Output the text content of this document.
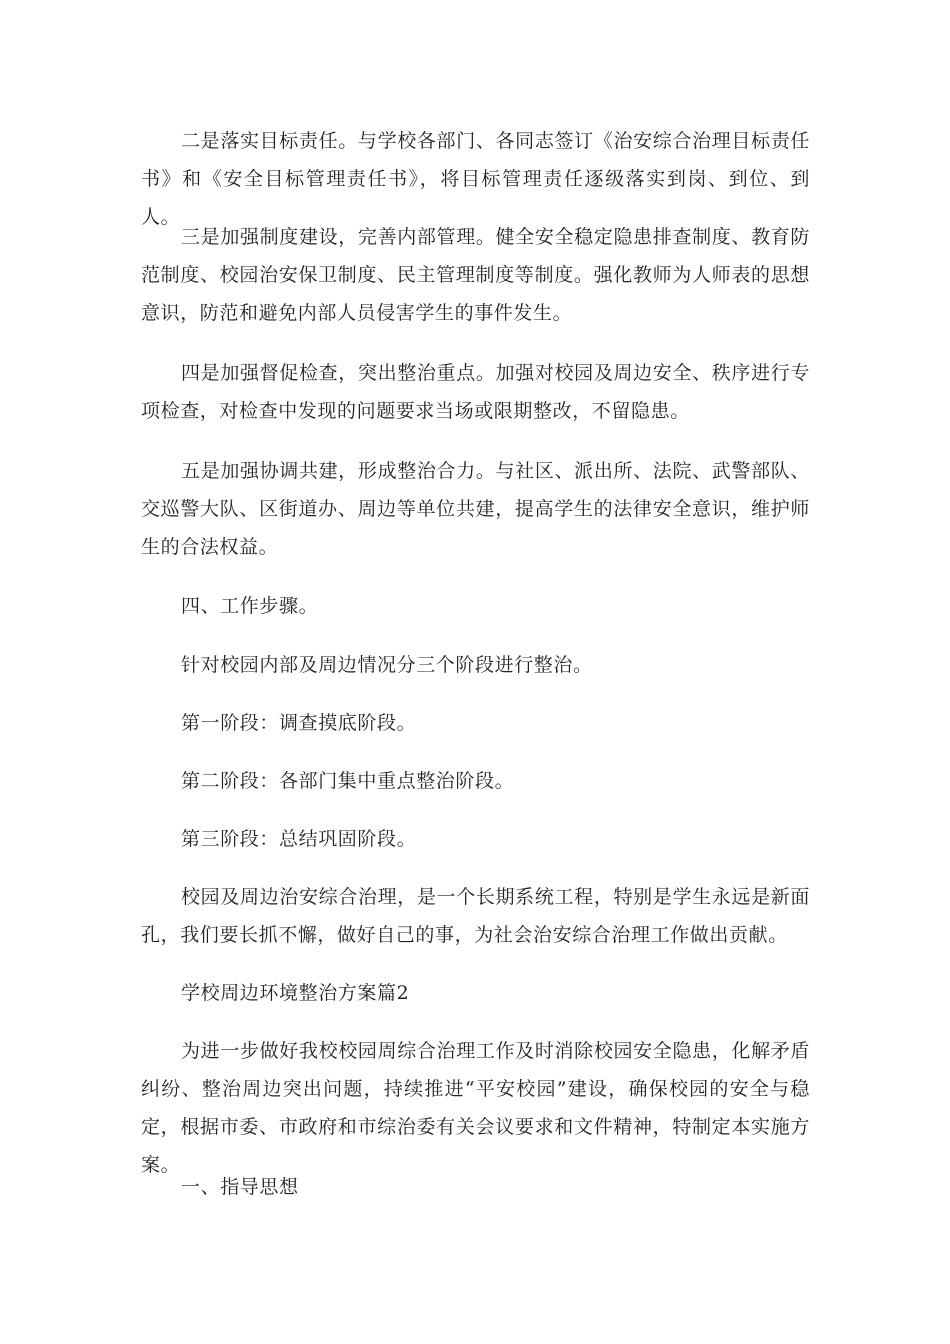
二是落实目标责任。与学校各部门、各同志签订《治安综合治理目标责任书》和《安全目标管理责任书》，将目标管理责任逐级落实到岗、到位、到人。

三是加强制度建设，完善内部管理。健全安全稳定隐患排查制度、教育防范制度、校园治安保卫制度、民主管理制度等制度。强化教师为人师表的思想意识，防范和避免内部人员侵害学生的事件发生。

四是加强督促检查，突出整治重点。加强对校园及周边安全、秩序进行专项检查，对检查中发现的问题要求当场或限期整改，不留隐患。

五是加强协调共建，形成整治合力。与社区、派出所、法院、武警部队、交巡警大队、区街道办、周边等单位共建，提高学生的法律安全意识，维护师生的合法权益。

四、工作步骤。

针对校园内部及周边情况分三个阶段进行整治。

第一阶段：调查摸底阶段。

第二阶段：各部门集中重点整治阶段。

第三阶段：总结巩固阶段。

校园及周边治安综合治理，是一个长期系统工程，特别是学生永远是新面孔，我们要长抓不懈，做好自己的事，为社会治安综合治理工作做出贡献。

学校周边环境整治方案篇2

为进一步做好我校校园周综合治理工作及时消除校园安全隐患，化解矛盾纠纷、整治周边突出问题，持续推进“平安校园”建设，确保校园的安全与稳定，根据市委、市政府和市综治委有关会议要求和文件精神，特制定本实施方案。

一、指导思想
